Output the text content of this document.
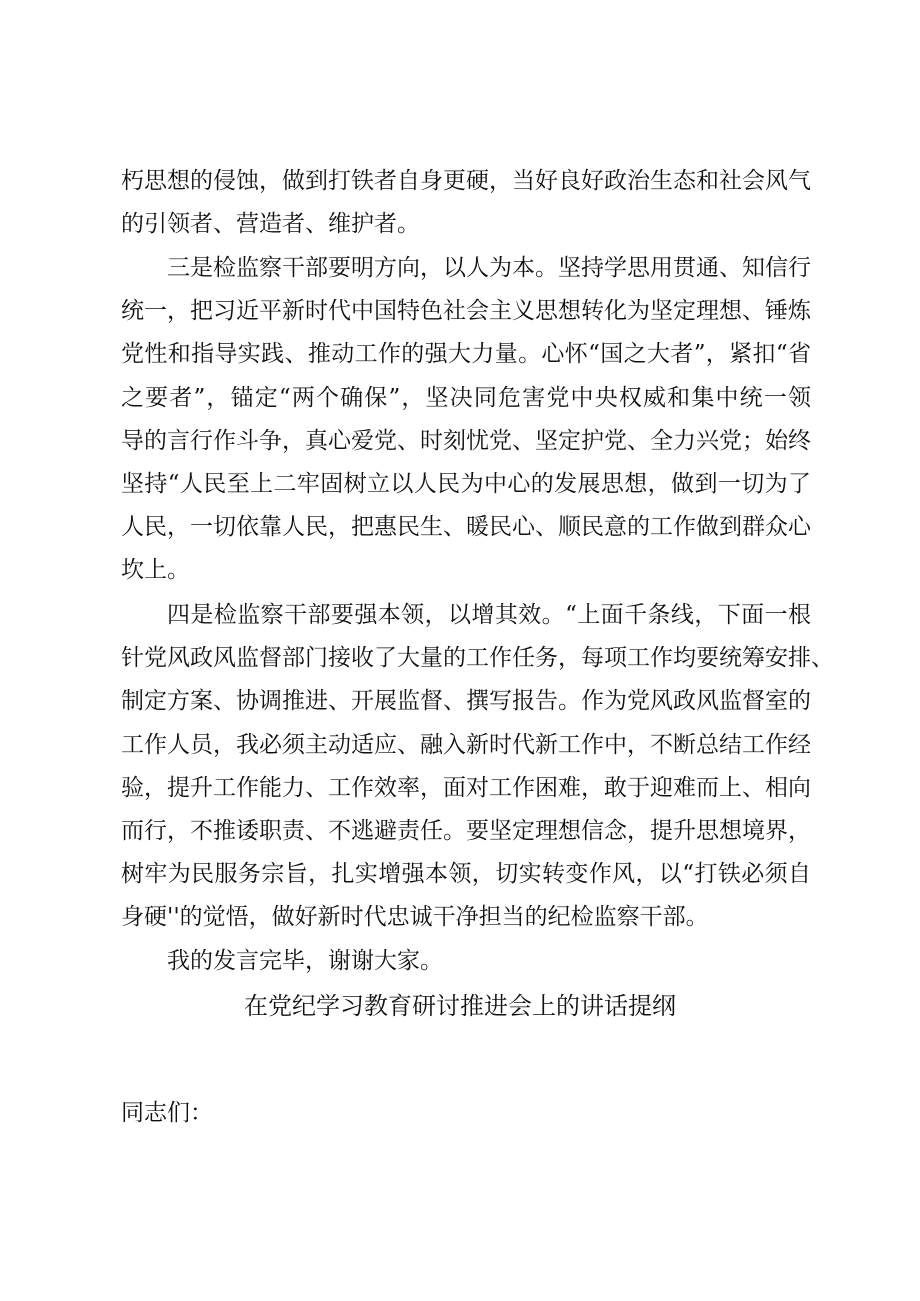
朽思想的侵蚀，做到打铁者自身更硬，当好良好政治生态和社会风气
的引领者、营造者、维护者。
三是检监察干部要明方向，以人为本。坚持学思用贯通、知信行
统一，把习近平新时代中国特色社会主义思想转化为坚定理想、锤炼
党性和指导实践、推动工作的强大力量。心怀“国之大者”，紧扣“省
之要者”，锚定“两个确保”，坚决同危害党中央权威和集中统一领
导的言行作斗争，真心爱党、时刻忧党、坚定护党、全力兴党；始终
坚持“人民至上二牢固树立以人民为中心的发展思想，做到一切为了
人民，一切依靠人民，把惠民生、暖民心、顺民意的工作做到群众心
坎上。
四是检监察干部要强本领，以增其效。“上面千条线，下面一根
针党风政风监督部门接收了大量的工作任务，每项工作均要统筹安排、
制定方案、协调推进、开展监督、撰写报告。作为党风政风监督室的
工作人员，我必须主动适应、融入新时代新工作中，不断总结工作经
验，提升工作能力、工作效率，面对工作困难，敢于迎难而上、相向
而行，不推诿职责、不逃避责任。要坚定理想信念，提升思想境界，
树牢为民服务宗旨，扎实增强本领，切实转变作风，以“打铁必须自
身硬''的觉悟，做好新时代忠诚干净担当的纪检监察干部。
我的发言完毕，谢谢大家。
在党纪学习教育研讨推进会上的讲话提纲
同志们：
